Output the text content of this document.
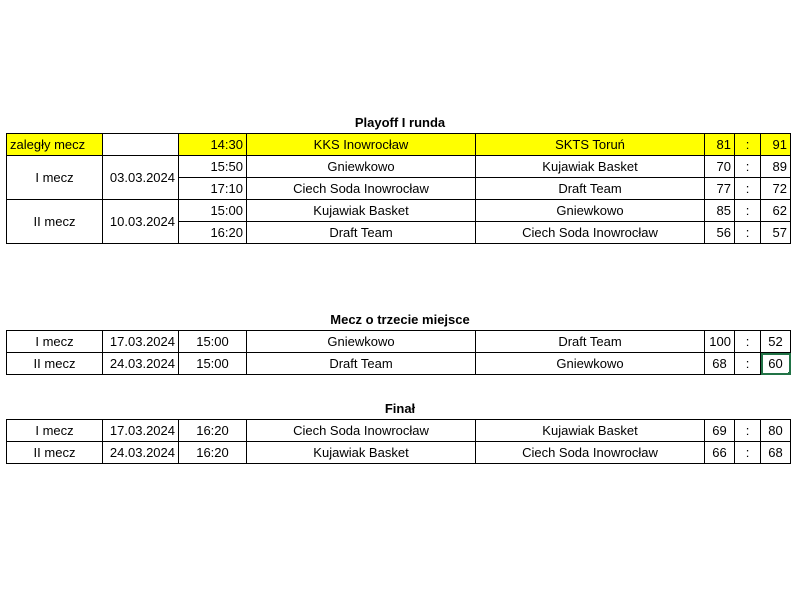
Playoff I runda
zaległy mecz		14:30	KKS Inowrocław	SKTS Toruń	81	:	91
I mecz	03.03.2024	15:50	Gniewkowo	Kujawiak Basket	70	:	89
		17:10	Ciech Soda Inowrocław	Draft Team	77	:	72
II mecz	10.03.2024	15:00	Kujawiak Basket	Gniewkowo	85	:	62
		16:20	Draft Team	Ciech Soda Inowrocław	56	:	57
Mecz o trzecie miejsce
I mecz	17.03.2024	15:00	Gniewkowo	Draft Team	100	:	52
II mecz	24.03.2024	15:00	Draft Team	Gniewkowo	68	:	60
Finał
I mecz	17.03.2024	16:20	Ciech Soda Inowrocław	Kujawiak Basket	69	:	80
II mecz	24.03.2024	16:20	Kujawiak Basket	Ciech Soda Inowrocław	66	:	68
